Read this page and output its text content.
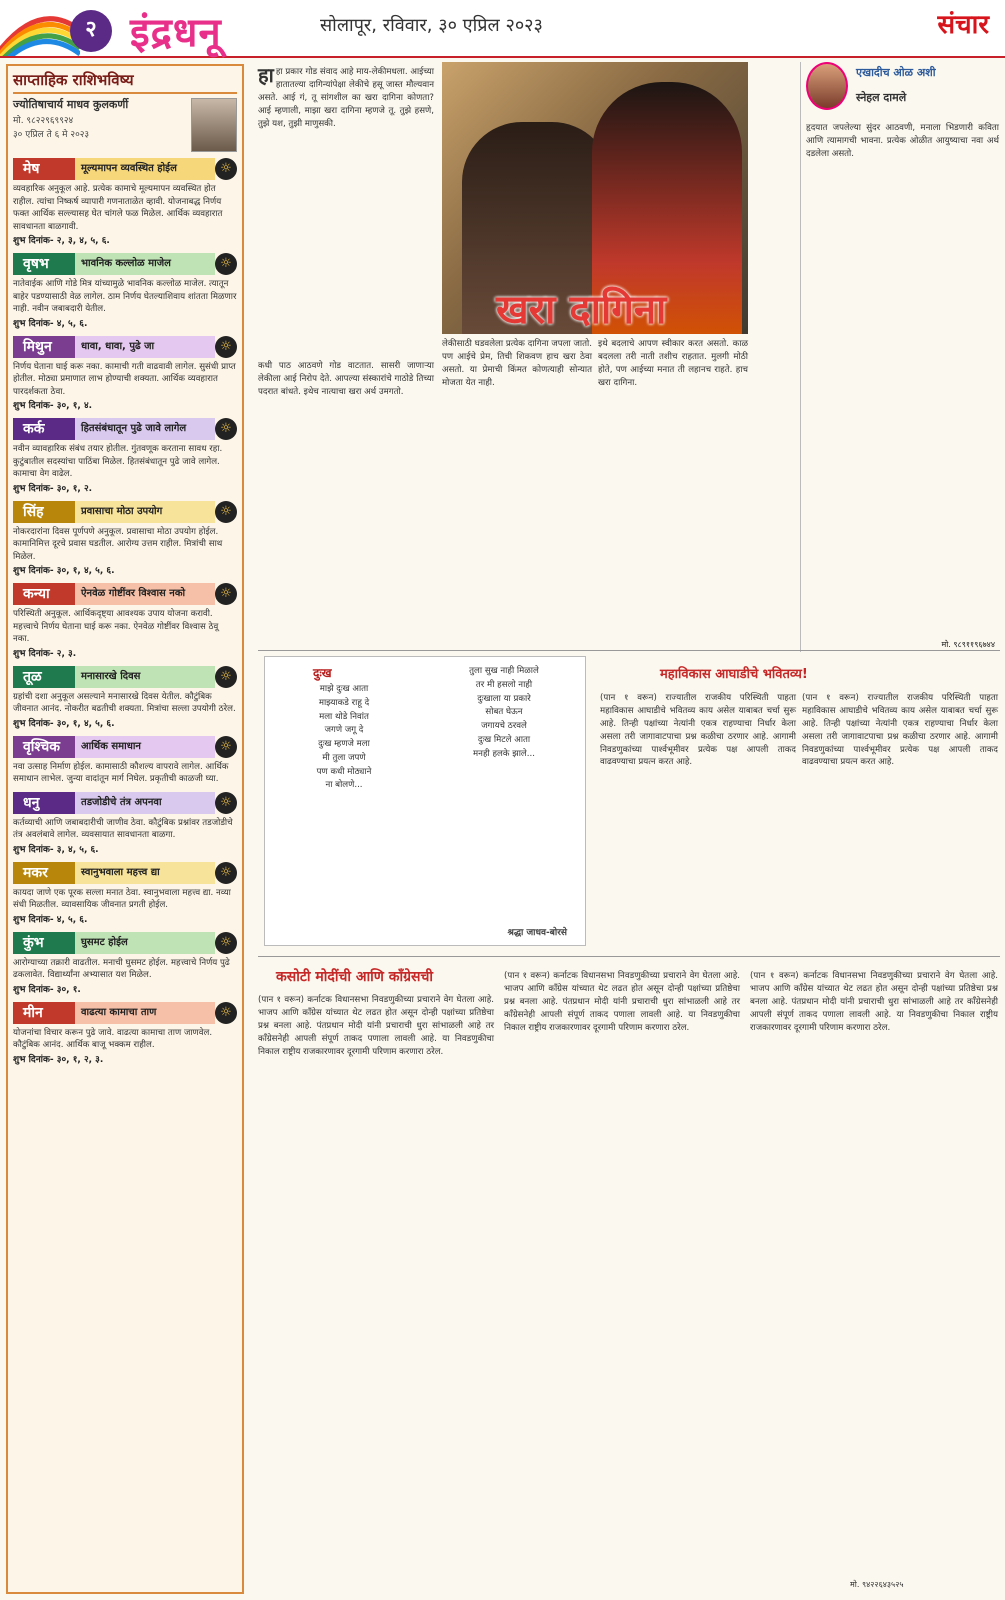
२ इंद्रधनू	सोलापूर, रविवार, ३० एप्रिल २०२३	संचार
साप्ताहिक राशिभविष्य
ज्योतिषाचार्य माधव कुलकर्णी
मो. ९८२२९६९९२४
३० एप्रिल ते ६ मे २०२३
मेष	मूल्यमापन व्यवस्थित होईल	☼
व्यवहारिक अनुकूल आहे. प्रत्येक कामाचे मूल्यमापन व्यवस्थित होत राहील. त्यांचा निष्कर्ष व्यापारी गणनाताळेत व्हावी. योजनाबद्ध निर्णय फक्त आर्थिक सल्ल्यासह घेत चांगले फळ मिळेल. आर्थिक व्यवहारात सावधानता बाळगावी.
शुभ दिनांक- २, ३, ४, ५, ६.
वृषभ	भावनिक कल्लोळ माजेल	☼
नातेवाईक आणि गोडे मित्र यांच्यामुळे भावनिक कल्लोळ माजेल. त्यातून बाहेर पडण्यासाठी वेळ लागेल. ठाम निर्णय घेतल्याशिवाय शांतता मिळणार नाही. नवीन जबाबदारी येतील.
शुभ दिनांक- ४, ५, ६.
मिथुन	धावा, धावा, पुढे जा	☼
निर्णय घेताना घाई करू नका. कामाची गती वाढवावी लागेल. सुसंधी प्राप्त होतील. मोठ्या प्रमाणात लाभ होण्याची शक्यता. आर्थिक व्यवहारात पारदर्शकता ठेवा.
शुभ दिनांक- ३०, १, ४.
कर्क	हितसंबंधातून पुढे जावे लागेल	☼
नवीन व्यावहारिक संबंध तयार होतील. गुंतवणूक करताना सावध रहा. कुटुंबातील सदस्यांचा पाठिंबा मिळेल. हितसंबंधातून पुढे जावे लागेल. कामाचा वेग वाढेल.
शुभ दिनांक- ३०, १, २.
सिंह	प्रवासाचा मोठा उपयोग	☼
नोकरदारांना दिवस पूर्णपणे अनुकूल. प्रवासाचा मोठा उपयोग होईल. कामानिमित्त दूरचे प्रवास घडतील. आरोग्य उत्तम राहील. मित्रांची साथ मिळेल.
शुभ दिनांक- ३०, १, ४, ५, ६.
कन्या	ऐनवेळ गोष्टींवर विश्वास नको	☼
परिस्थिती अनुकूल. आर्थिकदृष्ट्या आवश्यक उपाय योजना करावी. महत्त्वाचे निर्णय घेताना घाई करू नका. ऐनवेळ गोष्टींवर विश्वास ठेवू नका.
शुभ दिनांक- २, ३.
तूळ	मनासारखे दिवस	☼
ग्रहांची दशा अनुकूल असल्याने मनासारखे दिवस येतील. कौटुंबिक जीवनात आनंद. नोकरीत बढतीची शक्यता. मित्रांचा सल्ला उपयोगी ठरेल.
शुभ दिनांक- ३०, १, ४, ५, ६.
वृश्चिक	आर्थिक समाधान	☼
नवा उत्साह निर्माण होईल. कामासाठी कौशल्य वापरावे लागेल. आर्थिक समाधान लाभेल. जुन्या वादांतून मार्ग निघेल. प्रकृतीची काळजी घ्या.
धनु	तडजोडीचे तंत्र अपनवा	☼
कर्तव्याची आणि जबाबदारीची जाणीव ठेवा. कौटुंबिक प्रश्नांवर तडजोडीचे तंत्र अवलंबावे लागेल. व्यवसायात सावधानता बाळगा.
शुभ दिनांक- ३, ४, ५, ६.
मकर	स्वानुभवाला महत्त्व द्या	☼
कायदा जाणे एक पूरक सल्ला मनात ठेवा. स्वानुभवाला महत्त्व द्या. नव्या संधी मिळतील. व्यावसायिक जीवनात प्रगती होईल.
शुभ दिनांक- ४, ५, ६.
कुंभ	घुसमट होईल	☼
आरोग्याच्या तक्रारी वाढतील. मनाची घुसमट होईल. महत्त्वाचे निर्णय पुढे ढकलावेत. विद्यार्थ्यांना अभ्यासात यश मिळेल.
शुभ दिनांक- ३०, १.
मीन	वाढत्या कामाचा ताण	☼
योजनांचा विचार करून पुढे जावे. वाढत्या कामाचा ताण जाणवेल. कौटुंबिक आनंद. आर्थिक बाजू भक्कम राहील.
शुभ दिनांक- ३०, १, २, ३.
हाहा प्रकार गोड संवाद आहे माय-लेकीमधला. आईच्या हातातल्या दागिन्यांपेक्षा लेकीचे हसू जास्त मौल्यवान असते. आई गं, तू सांगशील का खरा दागिना कोणता? आई म्हणाली, माझा खरा दागिना म्हणजे तू. तुझे हसणे, तुझे यश, तुझी माणुसकी.
कधी पाठ आठवणे गोड वाटतात. सासरी जाणाऱ्या लेकीला आई निरोप देते. आपल्या संस्कारांचे गाठोडे तिच्या पदरात बांधते. इथेच नात्याचा खरा अर्थ उमगतो.
खरा दागिना
लेकीसाठी घडवलेला प्रत्येक दागिना जपला जातो. पण आईचे प्रेम, तिची शिकवण हाच खरा ठेवा असतो. या प्रेमाची किंमत कोणत्याही सोन्यात मोजता येत नाही.
इथे बदलाचे आपण स्वीकार करत असतो. काळ बदलला तरी नाती तशीच राहतात. मुलगी मोठी होते, पण आईच्या मनात ती लहानच राहते. हाच खरा दागिना.
एखादीच ओळ अशी
स्नेहल दामले
हृदयात जपलेल्या सुंदर आठवणी, मनाला भिडणारी कविता आणि त्यामागची भावना. प्रत्येक ओळीत आयुष्याचा नवा अर्थ दडलेला असतो.
मो. ९८९११९६७४४
दुःख
माझे दुःख आता
माझ्याकडे राहू दे
मला थोडे निवांत
जगणे जगू दे
दुःख म्हणजे मला
मी तुला जपणे
पण कधी मोठ्याने
ना बोलणे...
तुला सुख नाही मिळाले
तर मी हसलो नाही
दुःखाला या प्रकारे
सोबत घेऊन
जगायचे ठरवले
दुःख मिटले आता
मनही हलके झाले...
श्रद्धा जाधव-बोरसे
महाविकास आघाडीचे भवितव्य!
(पान १ वरून) राज्यातील राजकीय परिस्थिती पाहता महाविकास आघाडीचे भवितव्य काय असेल याबाबत चर्चा सुरू आहे. तिन्ही पक्षांच्या नेत्यांनी एकत्र राहण्याचा निर्धार केला असला तरी जागावाटपाचा प्रश्न कळीचा ठरणार आहे. आगामी निवडणुकांच्या पार्श्वभूमीवर प्रत्येक पक्ष आपली ताकद वाढवण्याचा प्रयत्न करत आहे.
(पान १ वरून) राज्यातील राजकीय परिस्थिती पाहता महाविकास आघाडीचे भवितव्य काय असेल याबाबत चर्चा सुरू आहे. तिन्ही पक्षांच्या नेत्यांनी एकत्र राहण्याचा निर्धार केला असला तरी जागावाटपाचा प्रश्न कळीचा ठरणार आहे. आगामी निवडणुकांच्या पार्श्वभूमीवर प्रत्येक पक्ष आपली ताकद वाढवण्याचा प्रयत्न करत आहे.
कसोटी मोदींची आणि काँग्रेसची
(पान १ वरून) कर्नाटक विधानसभा निवडणुकीच्या प्रचाराने वेग घेतला आहे. भाजप आणि काँग्रेस यांच्यात थेट लढत होत असून दोन्ही पक्षांच्या प्रतिष्ठेचा प्रश्न बनला आहे. पंतप्रधान मोदी यांनी प्रचाराची धुरा सांभाळली आहे तर काँग्रेसनेही आपली संपूर्ण ताकद पणाला लावली आहे. या निवडणुकीचा निकाल राष्ट्रीय राजकारणावर दूरगामी परिणाम करणारा ठरेल.
(पान १ वरून) कर्नाटक विधानसभा निवडणुकीच्या प्रचाराने वेग घेतला आहे. भाजप आणि काँग्रेस यांच्यात थेट लढत होत असून दोन्ही पक्षांच्या प्रतिष्ठेचा प्रश्न बनला आहे. पंतप्रधान मोदी यांनी प्रचाराची धुरा सांभाळली आहे तर काँग्रेसनेही आपली संपूर्ण ताकद पणाला लावली आहे. या निवडणुकीचा निकाल राष्ट्रीय राजकारणावर दूरगामी परिणाम करणारा ठरेल.
(पान १ वरून) कर्नाटक विधानसभा निवडणुकीच्या प्रचाराने वेग घेतला आहे. भाजप आणि काँग्रेस यांच्यात थेट लढत होत असून दोन्ही पक्षांच्या प्रतिष्ठेचा प्रश्न बनला आहे. पंतप्रधान मोदी यांनी प्रचाराची धुरा सांभाळली आहे तर काँग्रेसनेही आपली संपूर्ण ताकद पणाला लावली आहे. या निवडणुकीचा निकाल राष्ट्रीय राजकारणावर दूरगामी परिणाम करणारा ठरेल.
मो. ९४२२६४३५२५
